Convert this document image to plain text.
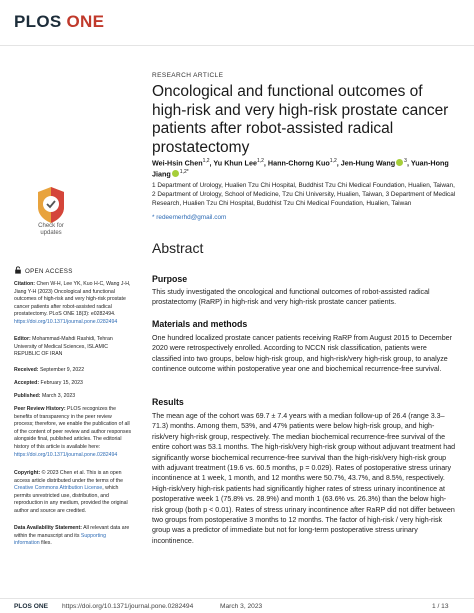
PLOS ONE
Check for
updates
OPEN ACCESS
Citation: Chen W-H, Lee YK, Kuo H-C, Wang J-H, Jiang Y-H (2023) Oncological and functional outcomes of high-risk and very high-risk prostate cancer patients after robot-assisted radical prostatectomy. PLoS ONE 18(3): e0282494. https://doi.org/10.1371/journal.pone.0282494
Editor: Mohammad-Mahdi Rashidi, Tehran University of Medical Sciences, ISLAMIC REPUBLIC OF IRAN
Received: September 9, 2022
Accepted: February 15, 2023
Published: March 3, 2023
Peer Review History: PLOS recognizes the benefits of transparency in the peer review process; therefore, we enable the publication of all of the content of peer review and author responses alongside final, published articles. The editorial history of this article is available here: https://doi.org/10.1371/journal.pone.0282494
Copyright: © 2023 Chen et al. This is an open access article distributed under the terms of the Creative Commons Attribution License, which permits unrestricted use, distribution, and reproduction in any medium, provided the original author and source are credited.
Data Availability Statement: All relevant data are within the manuscript and its Supporting information files.
RESEARCH ARTICLE
Oncological and functional outcomes of high-risk and very high-risk prostate cancer patients after robot-assisted radical prostatectomy
Wei-Hsin Chen$^{1,2}$, Yu Khun Lee$^{1,2}$, Hann-Chorng Kuo$^{1,2}$, Jen-Hung Wang $^3$, Yuan-Hong Jiang $^{1,2*}$
1 Department of Urology, Hualien Tzu Chi Hospital, Buddhist Tzu Chi Medical Foundation, Hualien, Taiwan,
2 Department of Urology, School of Medicine, Tzu Chi University, Hualien, Taiwan, 3 Department of Medical Research, Hualien Tzu Chi Hospital, Buddhist Tzu Chi Medical Foundation, Hualien, Taiwan
* redeemerhd@gmail.com
Abstract
Purpose

This study investigated the oncological and functional outcomes of robot-assisted radical prostatectomy (RaRP) in high-risk and very high-risk prostate cancer patients.

Materials and methods

One hundred localized prostate cancer patients receiving RaRP from August 2015 to December 2020 were retrospectively enrolled. According to NCCN risk classification, patients were classified into two groups, below high-risk group, and high-risk/very high-risk group, to analyze continence outcome within postoperative year one and biochemical recurrence-free survival.

Results

The mean age of the cohort was 69.7 ± 7.4 years with a median follow-up of 26.4 (range 3.3–71.3) months. Among them, 53%, and 47% patients were below high-risk group, and high-risk/very high-risk group, respectively. The median biochemical recurrence-free survival of the entire cohort was 53.1 months. The high-risk/very high-risk group without adjuvant treatment had significantly worse biochemical recurrence-free survival than the high-risk/very high-risk group with adjuvant treatment (19.6 vs. 60.5 months, p = 0.029). Rates of postoperative stress urinary incontinence at 1 week, 1 month, and 12 months were 50.7%, 43.7%, and 8.5%, respectively. High-risk/very high-risk patients had significantly higher rates of stress urinary incontinence at postoperative week 1 (75.8% vs. 28.9%) and month 1 (63.6% vs. 26.3%) than the below high-risk group (both p < 0.01). Rates of stress urinary incontinence after RaRP did not differ between two groups from postoperative 3 months to 12 months. The factor of high-risk / very high-risk group was a predictor of immediate but not for long-term postoperative stress urinary incontinence.

PLOS ONE https://doi.org/10.1371/journal.pone.0282494	March 3, 2023	1 / 13
